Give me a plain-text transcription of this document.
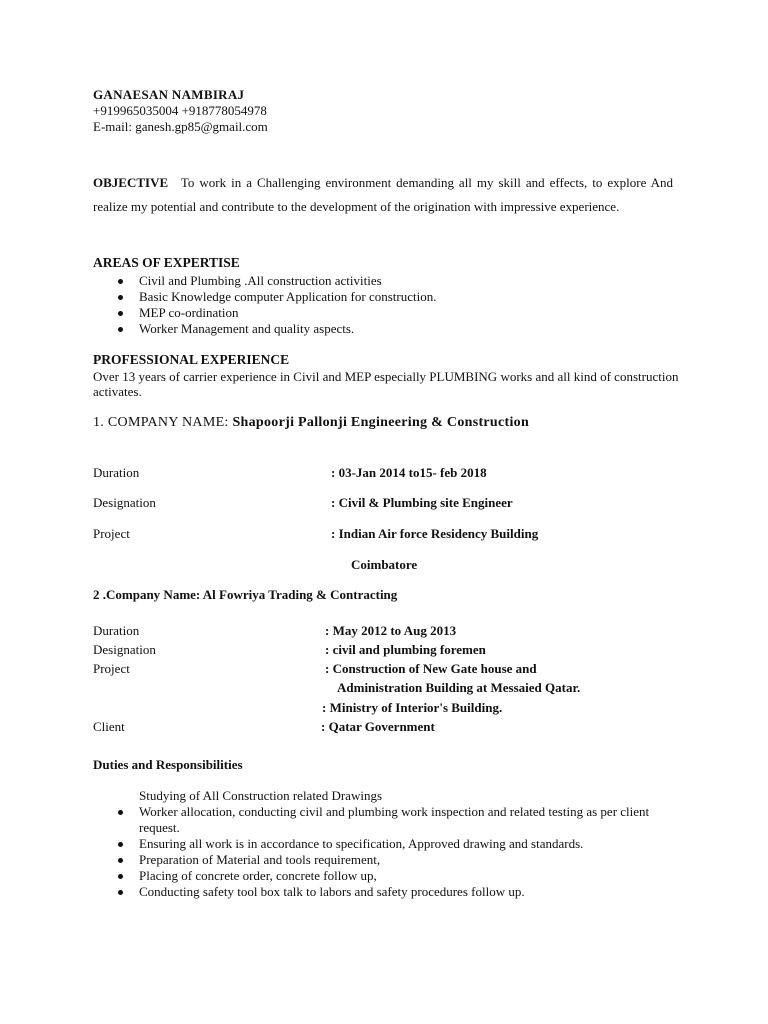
GANAESAN NAMBIRAJ
+919965035004 +918778054978
E-mail: ganesh.gp85@gmail.com
OBJECTIVE To work in a Challenging environment demanding all my skill and effects, to explore And realize my potential and contribute to the development of the origination with impressive experience.
AREAS OF EXPERTISE
Civil and Plumbing .All construction activities
Basic Knowledge computer Application for construction.
MEP co-ordination
Worker Management and quality aspects.
PROFESSIONAL EXPERIENCE
Over 13 years of carrier experience in Civil and MEP especially PLUMBING works and all kind of construction activates.
1. COMPANY NAME: Shapoorji Pallonji Engineering & Construction
Duration	: 03-Jan 2014 to15- feb 2018
Designation	: Civil & Plumbing site Engineer
Project	: Indian Air force Residency Building
Coimbatore
2 .Company Name: Al Fowriya Trading & Contracting
Duration	: May 2012 to Aug 2013
Designation	: civil and plumbing foremen
Project	: Construction of New Gate house and
Administration Building at Messaied Qatar.
: Ministry of Interior's Building.
Client	: Qatar Government
Duties and Responsibilities
Studying of All Construction related Drawings
Worker allocation, conducting civil and plumbing work inspection and related testing as per client request.
Ensuring all work is in accordance to specification, Approved drawing and standards.
Preparation of Material and tools requirement,
Placing of concrete order, concrete follow up,
Conducting safety tool box talk to labors and safety procedures follow up.
